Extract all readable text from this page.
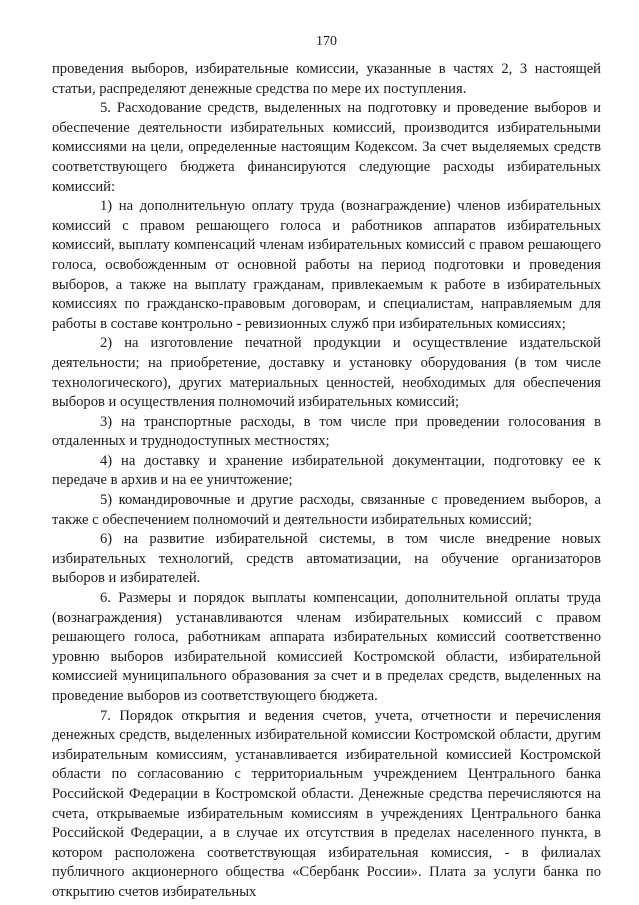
170

проведения выборов, избирательные комиссии, указанные в частях 2, 3 настоящей статьи, распределяют денежные средства по мере их поступления.

5. Расходование средств, выделенных на подготовку и проведение выборов и обеспечение деятельности избирательных комиссий, производится избирательными комиссиями на цели, определенные настоящим Кодексом. За счет выделяемых средств соответствующего бюджета финансируются следующие расходы избирательных комиссий:

1) на дополнительную оплату труда (вознаграждение) членов избирательных комиссий с правом решающего голоса и работников аппаратов избирательных комиссий, выплату компенсаций членам избирательных комиссий с правом решающего голоса, освобожденным от основной работы на период подготовки и проведения выборов, а также на выплату гражданам, привлекаемым к работе в избирательных комиссиях по гражданско-правовым договорам, и специалистам, направляемым для работы в составе контрольно - ревизионных служб при избирательных комиссиях;

2) на изготовление печатной продукции и осуществление издательской деятельности; на приобретение, доставку и установку оборудования (в том числе технологического), других материальных ценностей, необходимых для обеспечения выборов и осуществления полномочий избирательных комиссий;

3) на транспортные расходы, в том числе при проведении голосования в отдаленных и труднодоступных местностях;

4) на доставку и хранение избирательной документации, подготовку ее к передаче в архив и на ее уничтожение;

5) командировочные и другие расходы, связанные с проведением выборов, а также с обеспечением полномочий и деятельности избирательных комиссий;

6) на развитие избирательной системы, в том числе внедрение новых избирательных технологий, средств автоматизации, на обучение организаторов выборов и избирателей.

6. Размеры и порядок выплаты компенсации, дополнительной оплаты труда (вознаграждения) устанавливаются членам избирательных комиссий с правом решающего голоса, работникам аппарата избирательных комиссий соответственно уровню выборов избирательной комиссией Костромской области, избирательной комиссией муниципального образования за счет и в пределах средств, выделенных на проведение выборов из соответствующего бюджета.

7. Порядок открытия и ведения счетов, учета, отчетности и перечисления денежных средств, выделенных избирательной комиссии Костромской области, другим избирательным комиссиям, устанавливается избирательной комиссией Костромской области по согласованию с территориальным учреждением Центрального банка Российской Федерации в Костромской области. Денежные средства перечисляются на счета, открываемые избирательным комиссиям в учреждениях Центрального банка Российской Федерации, а в случае их отсутствия в пределах населенного пункта, в котором расположена соответствующая избирательная комиссия, - в филиалах публичного акционерного общества «Сбербанк России». Плата за услуги банка по открытию счетов избирательных
